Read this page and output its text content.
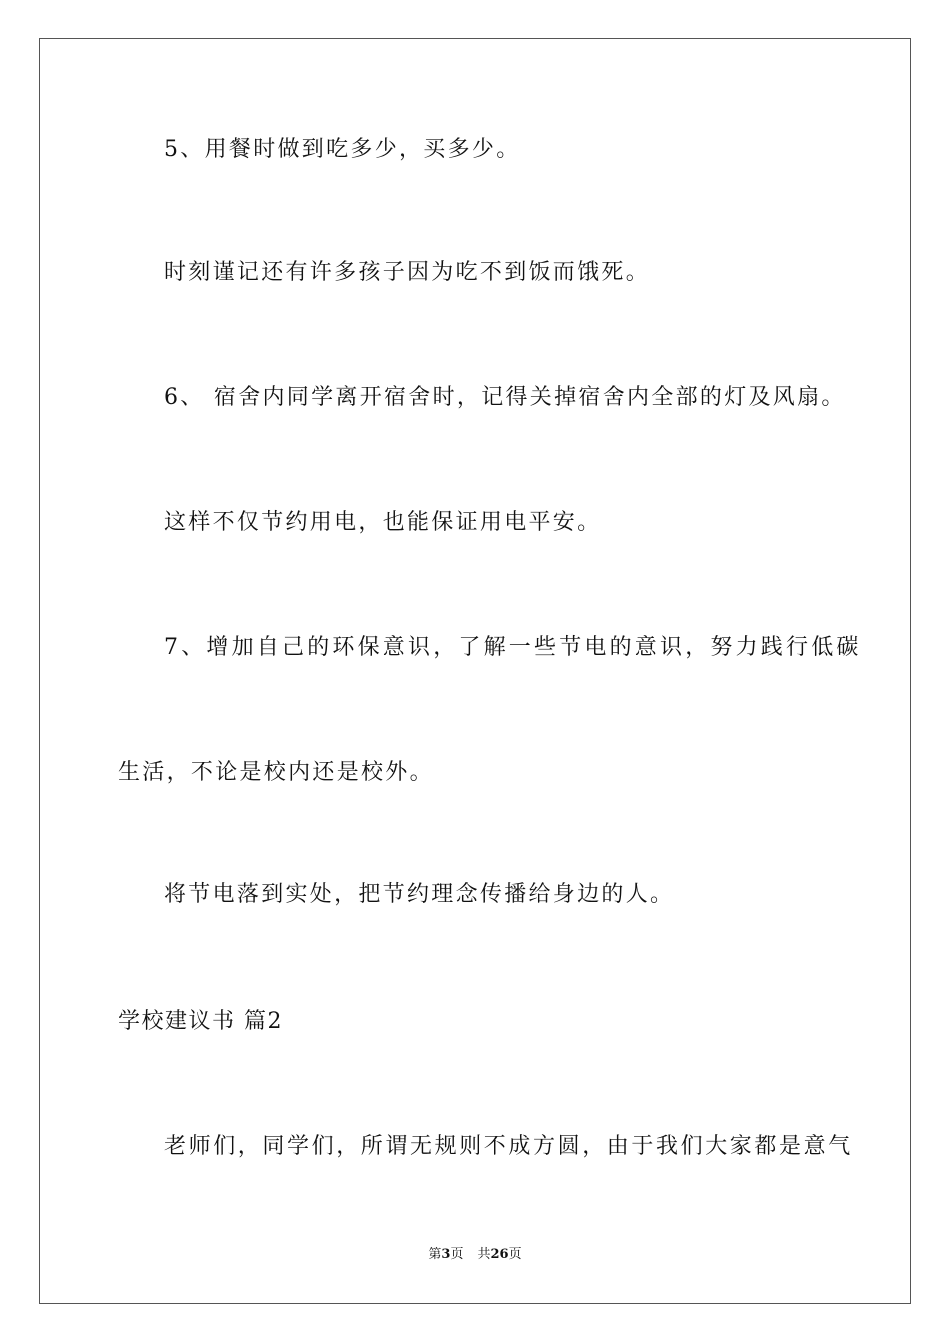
5、用餐时做到吃多少，买多少。
时刻谨记还有许多孩子因为吃不到饭而饿死。
6、 宿舍内同学离开宿舍时，记得关掉宿舍内全部的灯及风扇。
这样不仅节约用电，也能保证用电平安。
7、增加自己的环保意识，了解一些节电的意识，努力践行低碳
生活，不论是校内还是校外。
将节电落到实处，把节约理念传播给身边的人。
学校建议书 篇2
老师们，同学们，所谓无规则不成方圆，由于我们大家都是意气
第3页 共26页
